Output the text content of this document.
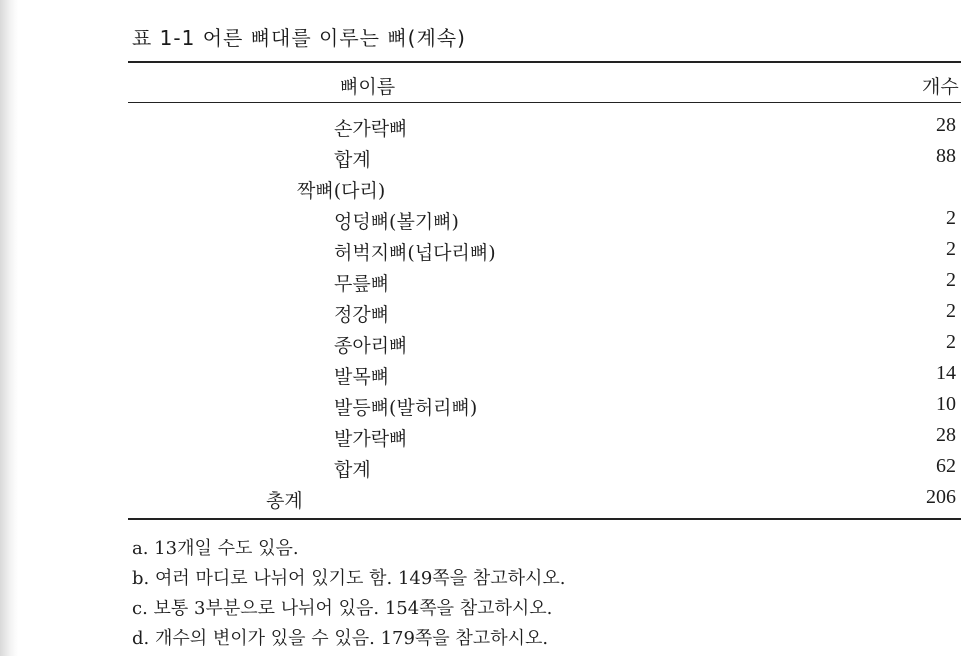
표 1-1 어른 뼈대를 이루는 뼈(계속)
뼈이름	개수
손가락뼈	28
합계	88
짝뼈(다리)
엉덩뼈(볼기뼈)	2
허벅지뼈(넙다리뼈)	2
무릎뼈	2
정강뼈	2
종아리뼈	2
발목뼈	14
발등뼈(발허리뼈)	10
발가락뼈	28
합계	62
총계	206
a. 13개일 수도 있음.
b. 여러 마디로 나뉘어 있기도 함. 149쪽을 참고하시오.
c. 보통 3부분으로 나뉘어 있음. 154쪽을 참고하시오.
d. 개수의 변이가 있을 수 있음. 179쪽을 참고하시오.
